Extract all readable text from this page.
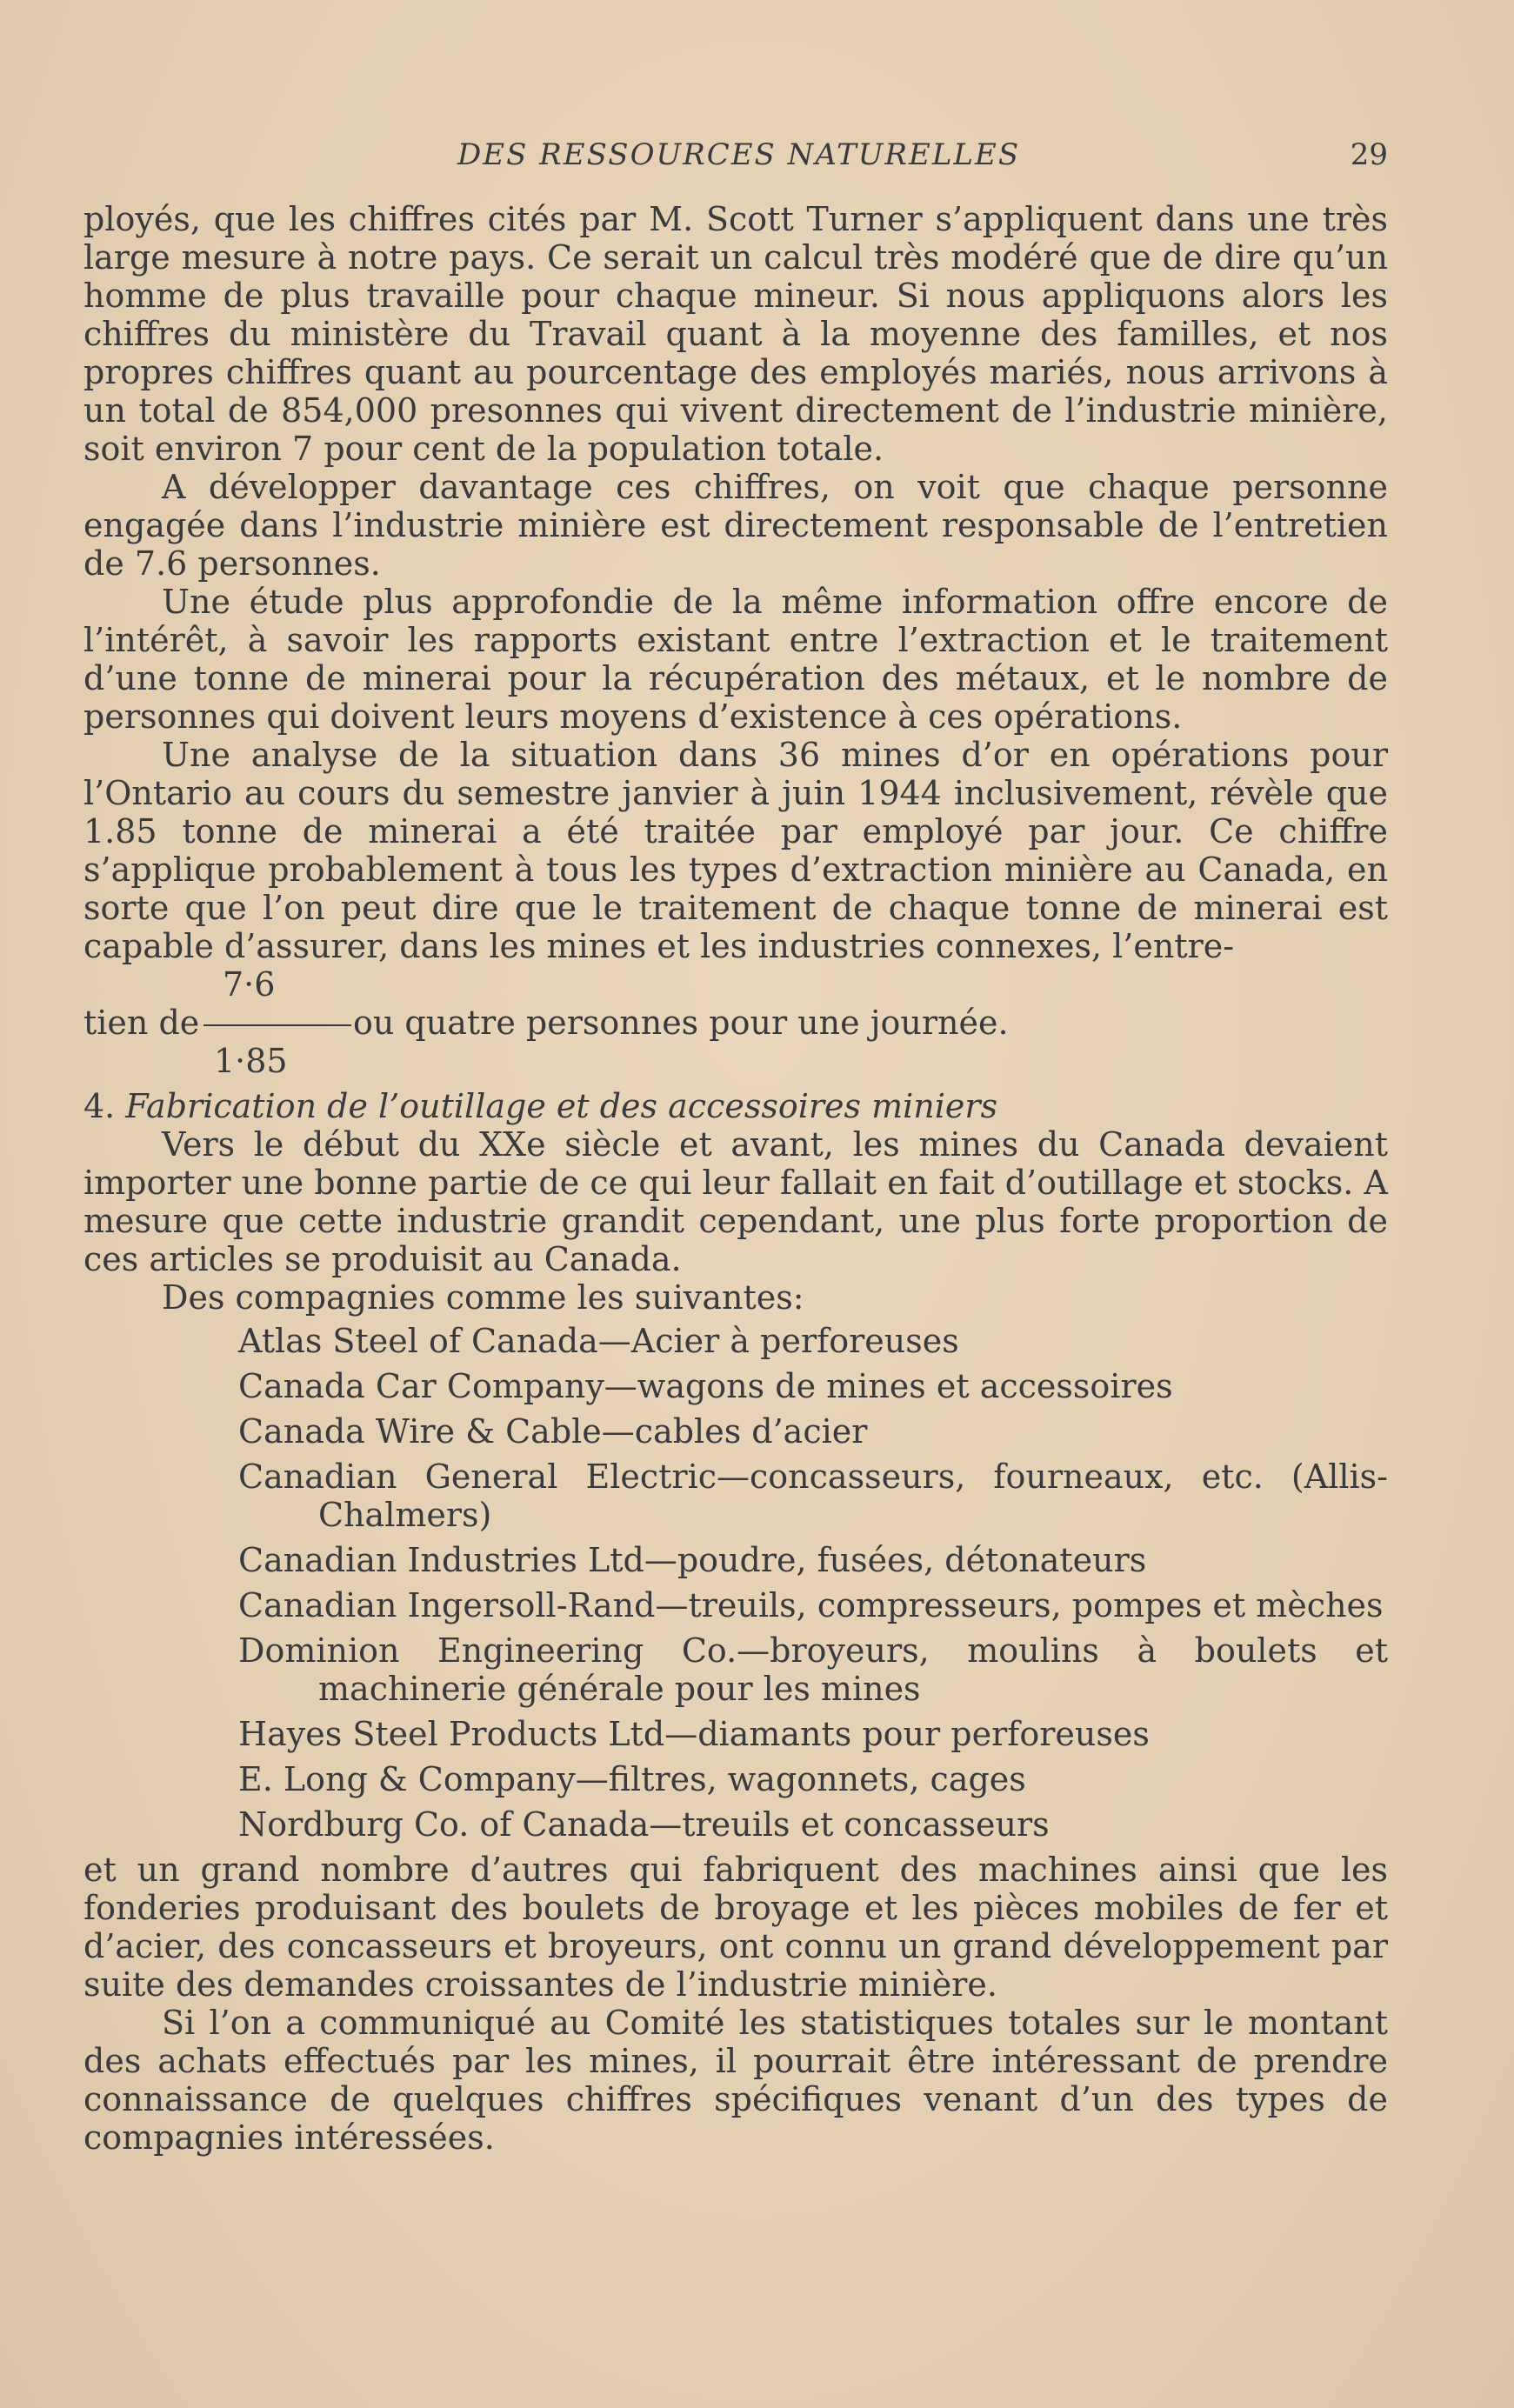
DES RESSOURCES NATURELLES	29

ployés, que les chiffres cités par M. Scott Turner s’appliquent dans une très large mesure à notre pays. Ce serait un calcul très modéré que de dire qu’un homme de plus travaille pour chaque mineur. Si nous appliquons alors les chiffres du ministère du Travail quant à la moyenne des familles, et nos propres chiffres quant au pourcentage des employés mariés, nous arrivons à un total de 854,000 presonnes qui vivent directement de l’industrie minière, soit environ 7 pour cent de la population totale.

A développer davantage ces chiffres, on voit que chaque personne engagée dans l’industrie minière est directement responsable de l’entretien de 7.6 personnes.

Une étude plus approfondie de la même information offre encore de l’intérêt, à savoir les rapports existant entre l’extraction et le traitement d’une tonne de minerai pour la récupération des métaux, et le nombre de personnes qui doivent leurs moyens d’existence à ces opérations.

Une analyse de la situation dans 36 mines d’or en opérations pour l’Ontario au cours du semestre janvier à juin 1944 inclusivement, révèle que 1.85 tonne de minerai a été traitée par employé par jour. Ce chiffre s’applique probablement à tous les types d’extraction minière au Canada, en sorte que l’on peut dire que le traitement de chaque tonne de minerai est capable d’assurer, dans les mines et les industries connexes, l’entre-

7·6
tien de	ou quatre personnes pour une journée.
1·85

4. Fabrication de l’outillage et des accessoires miniers

Vers le début du XXe siècle et avant, les mines du Canada devaient importer une bonne partie de ce qui leur fallait en fait d’outillage et stocks. A mesure que cette industrie grandit cependant, une plus forte proportion de ces articles se produisit au Canada.

Des compagnies comme les suivantes:

Atlas Steel of Canada—Acier à perforeuses
Canada Car Company—wagons de mines et accessoires
Canada Wire & Cable—cables d’acier
Canadian General Electric—concasseurs, fourneaux, etc. (Allis-Chalmers)
Canadian Industries Ltd—poudre, fusées, détonateurs
Canadian Ingersoll-Rand—treuils, compresseurs, pompes et mèches
Dominion Engineering Co.—broyeurs, moulins à boulets et machinerie générale pour les mines
Hayes Steel Products Ltd—diamants pour perforeuses
E. Long & Company—filtres, wagonnets, cages
Nordburg Co. of Canada—treuils et concasseurs

et un grand nombre d’autres qui fabriquent des machines ainsi que les fonderies produisant des boulets de broyage et les pièces mobiles de fer et d’acier, des concasseurs et broyeurs, ont connu un grand développement par suite des demandes croissantes de l’industrie minière.

Si l’on a communiqué au Comité les statistiques totales sur le montant des achats effectués par les mines, il pourrait être intéressant de prendre connaissance de quelques chiffres spécifiques venant d’un des types de compagnies intéressées.
